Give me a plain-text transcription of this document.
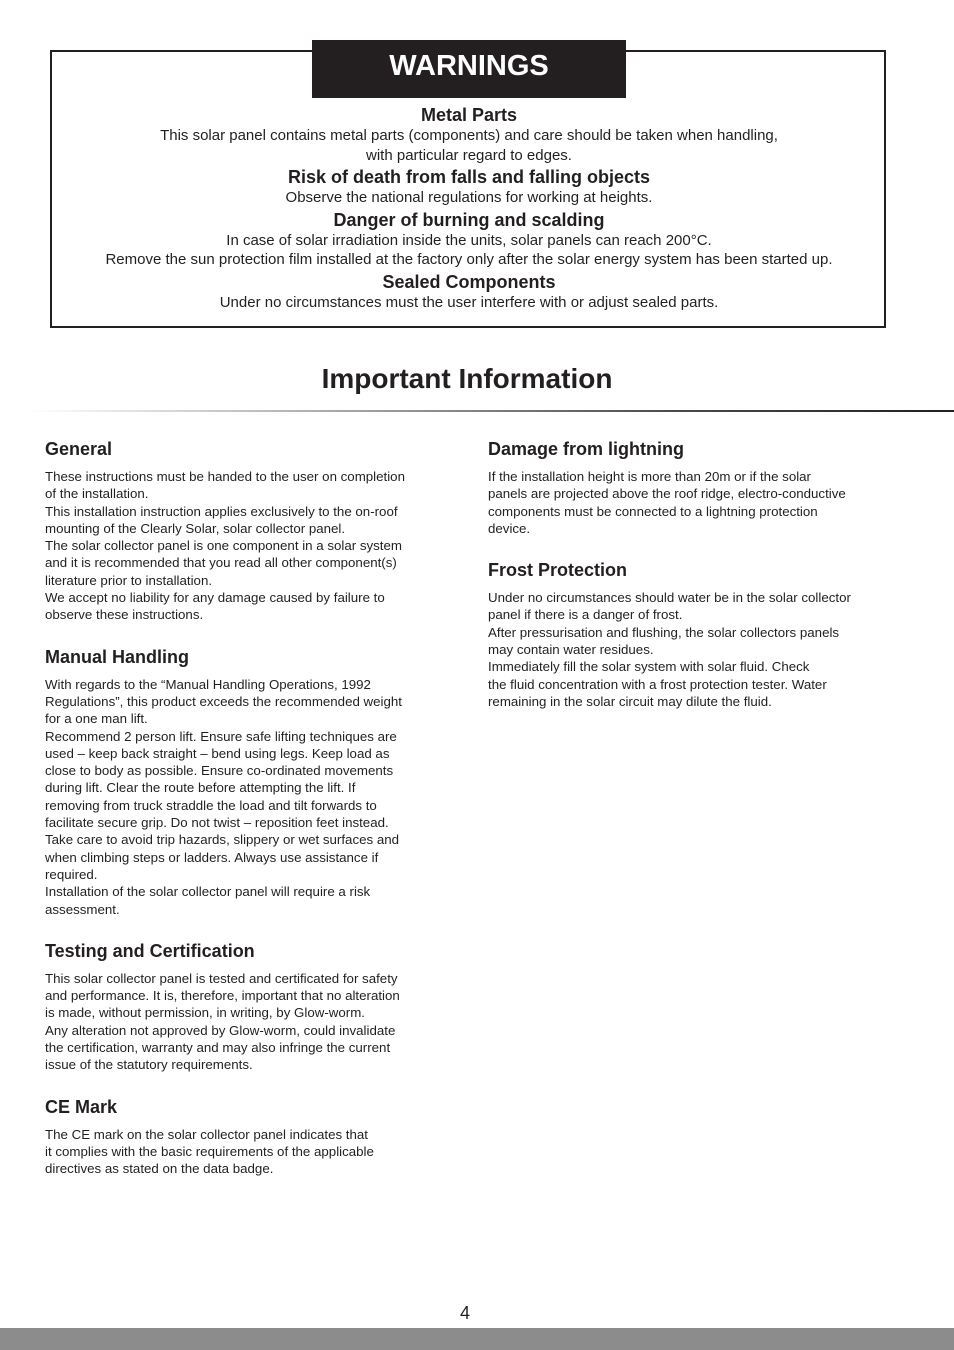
WARNINGS
Metal Parts

This solar panel contains metal parts (components) and care should be taken when handling,

with particular regard to edges.

Risk of death from falls and falling objects

Observe the national regulations for working at heights.

Danger of burning and scalding

In case of solar irradiation inside the units, solar panels can reach 200°C.

Remove the sun protection film installed at the factory only after the solar energy system has been started up.

Sealed Components

Under no circumstances must the user interfere with or adjust sealed parts.

Important Information
General

These instructions must be handed to the user on completion

of the installation.

This installation instruction applies exclusively to the on-roof

mounting of the Clearly Solar, solar collector panel.

The solar collector panel is one component in a solar system

and it is recommended that you read all other component(s)

literature prior to installation.

We accept no liability for any damage caused by failure to

observe these instructions.

Manual Handling

With regards to the “Manual Handling Operations, 1992

Regulations”, this product exceeds the recommended weight

for a one man lift.

Recommend 2 person lift. Ensure safe lifting techniques are

used – keep back straight – bend using legs. Keep load as

close to body as possible. Ensure co-ordinated movements

during lift. Clear the route before attempting the lift. If

removing from truck straddle the load and tilt forwards to

facilitate secure grip. Do not twist – reposition feet instead.

Take care to avoid trip hazards, slippery or wet surfaces and

when climbing steps or ladders. Always use assistance if

required.

Installation of the solar collector panel will require a risk

assessment.

Testing and Certification

This solar collector panel is tested and certificated for safety

and performance. It is, therefore, important that no alteration

is made, without permission, in writing, by Glow-worm.

Any alteration not approved by Glow-worm, could invalidate

the certification, warranty and may also infringe the current

issue of the statutory requirements.

CE Mark

The CE mark on the solar collector panel indicates that

it complies with the basic requirements of the applicable

directives as stated on the data badge.

Damage from lightning

If the installation height is more than 20m or if the solar

panels are projected above the roof ridge, electro-conductive

components must be connected to a lightning protection

device.

Frost Protection

Under no circumstances should water be in the solar collector

panel if there is a danger of frost.

After pressurisation and flushing, the solar collectors panels

may contain water residues.

Immediately fill the solar system with solar fluid. Check

the fluid concentration with a frost protection tester. Water

remaining in the solar circuit may dilute the fluid.

4
